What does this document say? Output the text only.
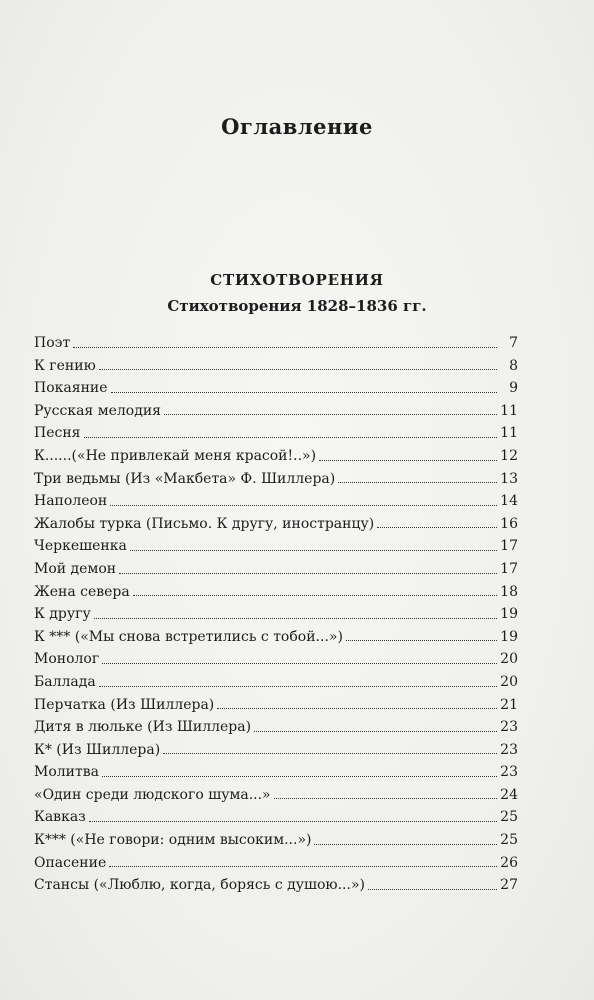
Оглавление
СТИХОТВОРЕНИЯ
Стихотворения 1828–1836 гг.
Поэт	7
К гению	8
Покаяние	9
Русская мелодия	11
Песня	11
К......(«Не привлекай меня красой!..»)	12
Три ведьмы (Из «Макбета» Ф. Шиллера)	13
Наполеон	14
Жалобы турка (Письмо. К другу, иностранцу)	16
Черкешенка	17
Мой демон	17
Жена севера	18
К другу	19
К *** («Мы снова встретились с тобой...»)	19
Монолог	20
Баллада	20
Перчатка (Из Шиллера)	21
Дитя в люльке (Из Шиллера)	23
К* (Из Шиллера)	23
Молитва	23
«Один среди людского шума...»	24
Кавказ	25
К*** («Не говори: одним высоким...»)	25
Опасение	26
Стансы («Люблю, когда, борясь с душою...»)	27
